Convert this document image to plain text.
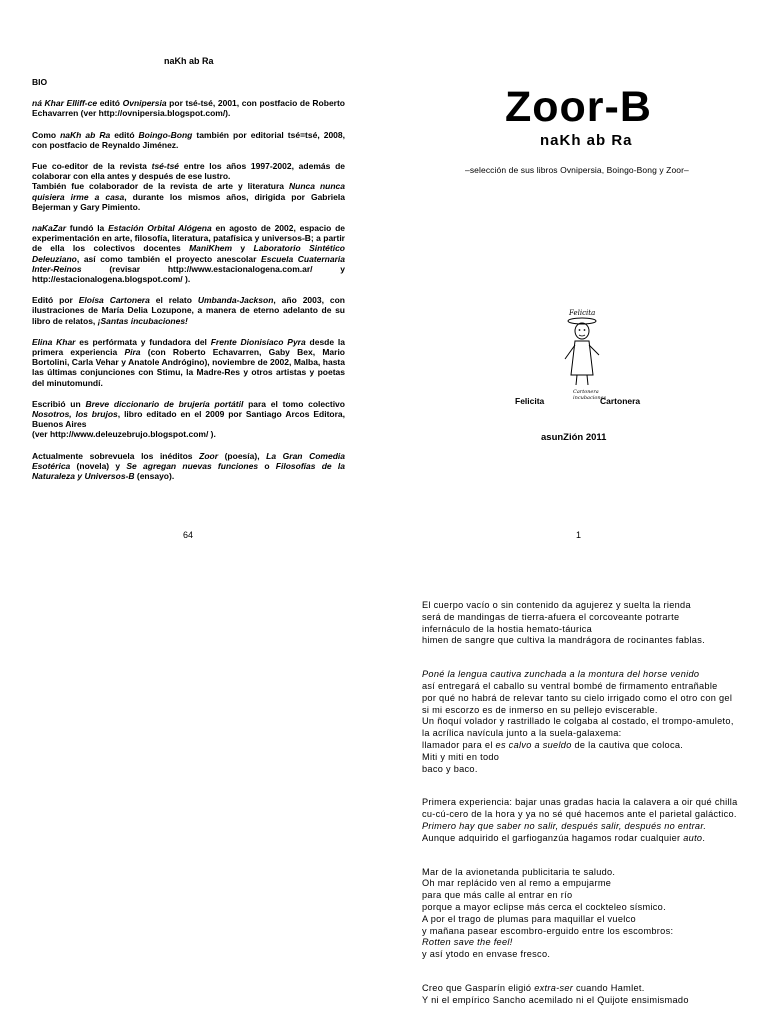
naKh ab Ra
BIO
ná Khar Elliff-ce editó Ovnipersia por tsé-tsé, 2001, con postfacio de Roberto Echavarren (ver http://ovnipersia.blogspot.com/).
Como naKh ab Ra editó Boingo-Bong también por editorial tsé=tsé, 2008, con postfacio de Reynaldo Jiménez.
Fue co-editor de la revista tsé-tsé entre los años 1997-2002, además de colaborar con ella antes y después de ese lustro.
También fue colaborador de la revista de arte y literatura Nunca nunca quisiera irme a casa, durante los mismos años, dirigida por Gabriela Bejerman y Gary Pimiento.
naKaZar fundó la Estación Orbital Alógena en agosto de 2002, espacio de experimentación en arte, filosofía, literatura, patafísica y universos-B; a partir de ella los colectivos docentes ManiKhem y Laboratorio Sintético Deleuziano, así como también el proyecto anescolar Escuela Cuaternaria Inter-Reinos (revisar http://www.estacionalogena.com.ar/ y http://estacionalogena.blogspot.com/ ).
Editó por Eloísa Cartonera el relato Umbanda-Jackson, año 2003, con ilustraciones de María Delia Lozupone, a manera de eterno adelanto de su libro de relatos, ¡Santas incubaciones!
Elina Khar es perfórmata y fundadora del Frente Dionisíaco Pyra desde la primera experiencia Pira (con Roberto Echavarren, Gaby Bex, Mario Bortolini, Carla Vehar y Anatole Andrógino), noviembre de 2002, Malba, hasta las últimas conjunciones con Stimu, la Madre-Res y otros artistas y poetas del minutomundí.
Escribió un Breve diccionario de brujería portátil para el tomo colectivo Nosotros, los brujos, libro editado en el 2009 por Santiago Arcos Editora, Buenos Aires
(ver http://www.deleuzebrujo.blogspot.com/ ).
Actualmente sobrevuela los inéditos Zoor (poesía), La Gran Comedia Esotérica (novela) y Se agregan nuevas funciones o Filosofías de la Naturaleza y Universos-B (ensayo).
64
Zoor-B
naKh ab Ra
–selección de sus libros Ovnipersia, Boingo-Bong y Zoor–
Felicita
Cartonera
incubaciones
Felicita	Cartonera
asunZión 2011
1
El cuerpo vacío o sin contenido da agujerez y suelta la rienda
será de mandingas de tierra-afuera el corcoveante potrarte
infernáculo de la hostia hemato-táurica
himen de sangre que cultiva la mandrágora de rocinantes fablas.
Poné la lengua cautiva zunchada a la montura del horse venido
así entregará el caballo su ventral bombé de firmamento entrañable
por qué no habrá de relevar tanto su cielo irrigado como el otro con gel
si mi escorzo es de inmerso en su pellejo eviscerable.
Un ñoquí volador y rastrillado le colgaba al costado, el trompo-amuleto,
la acrílica navícula junto a la suela-galaxema:
llamador para el es calvo a sueldo de la cautiva que coloca.
Miti y miti en todo
baco y baco.
Primera experiencia: bajar unas gradas hacia la calavera a oir qué chilla
cu-cú-cero de la hora y ya no sé qué hacemos ante el parietal galáctico.
Primero hay que saber no salir, después salir, después no entrar.
Aunque adquirido el garfioganzúa hagamos rodar cualquier auto.
Mar de la avionetanda publicitaria te saludo.
Oh mar replácido ven al remo a empujarme
para que más calle al entrar en río
porque a mayor eclipse más cerca el cockteleo sísmico.
A por el trago de plumas para maquillar el vuelco
y mañana pasear escombro-erguido entre los escombros:
Rotten save the feel!
y así ytodo en envase fresco.
Creo que Gasparín eligió extra-ser cuando Hamlet.
Y ni el empírico Sancho acemilado ni el Quijote ensimismado
